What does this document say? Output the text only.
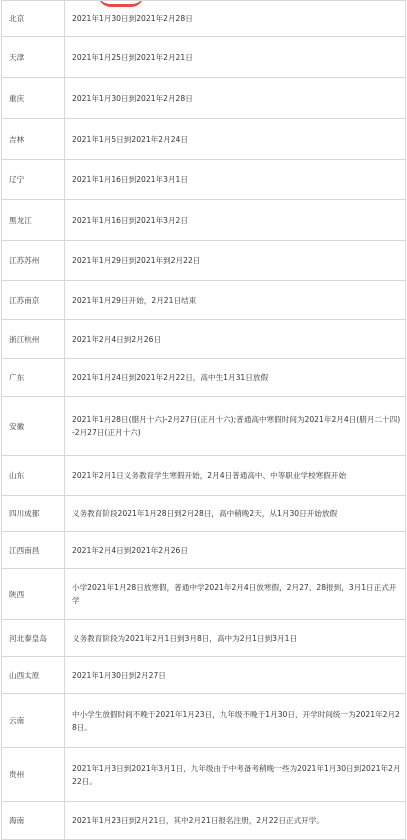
北京	2021年1月30日到2021年2月28日
天津	2021年1月25日到2021年2月21日
重庆	2021年1月30日到2021年2月28日
吉林	2021年1月5日到2021年2月24日
辽宁	2021年1月16日到2021年3月1日
黑龙江	2021年1月16日到2021年3月2日
江苏苏州	2021年1月29日到2021年到2月22日
江苏南京	2021年1月29日开始，2月21日结束
浙江杭州	2021年2月4日到2月26日
广东	2021年1月24日到2021年2月22日，高中生1月31日放假
安徽	2021年1月28日(腊月十六)-2月27日(正月十六);普通高中寒假时间为2021年2月4日(腊月二十四)-2月27日(正月十六)
山东	2021年2月1日义务教育学生寒假开始，2月4日普通高中、中等职业学校寒假开始
四川成都	义务教育阶段2021年1月28日到2月28日，高中稍晚2天，从1月30日开始放假
江西南昌	2021年2月4日到2021年2月26日
陕西	小学2021年1月28日放寒假，普通中学2021年2月4日放寒假，2月27、28报到，3月1日正式开学
河北秦皇岛	义务教育阶段为2021年2月1日到3月8日，高中为2月1日到3月1日
山西太原	2021年1月30日到2月27日
云南	中小学生放假时间不晚于2021年1月23日，九年级不晚于1月30日，开学时间统一为2021年2月28日。
贵州	2021年1月3日到2021年3月1日，九年级由于中考备考稍晚一些为2021年1月30日到2021年2月22日。
海南	2021年1月23日到2月21日，其中2月21日报名注册，2月22日正式开学。
